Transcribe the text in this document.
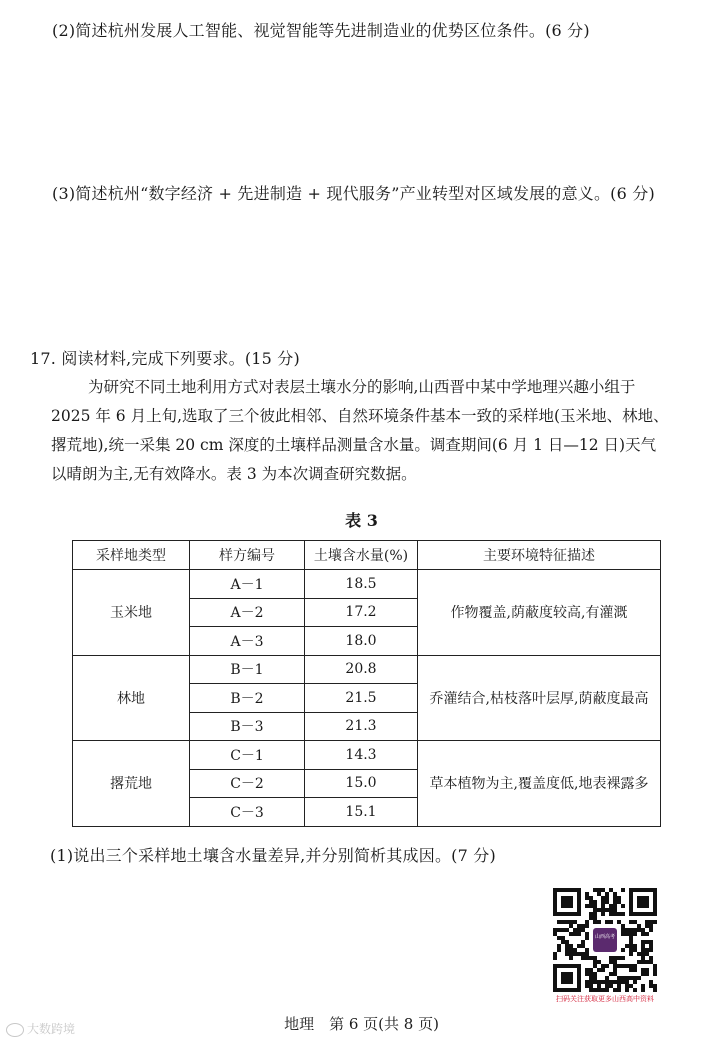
(2)简述杭州发展人工智能、视觉智能等先进制造业的优势区位条件。(6 分)
(3)简述杭州“数字经济 + 先进制造 + 现代服务”产业转型对区域发展的意义。(6 分)
17. 阅读材料,完成下列要求。(15 分)

为研究不同土地利用方式对表层土壤水分的影响,山西晋中某中学地理兴趣小组于

2025 年 6 月上旬,选取了三个彼此相邻、自然环境条件基本一致的采样地(玉米地、林地、

撂荒地),统一采集 20 cm 深度的土壤样品测量含水量。调查期间(6 月 1 日—12 日)天气

以晴朗为主,无有效降水。表 3 为本次调查研究数据。

表 3
采样地类型	样方编号	土壤含水量(%)	主要环境特征描述
玉米地	A－1	18.5	作物覆盖,荫蔽度较高,有灌溉
	A－2	17.2	
	A－3	18.0	
林地	B－1	20.8	乔灌结合,枯枝落叶层厚,荫蔽度最高
	B－2	21.5	
	B－3	21.3	
撂荒地	C－1	14.3	草本植物为主,覆盖度低,地表裸露多
	C－2	15.0	
	C－3	15.1	
(1)说出三个采样地土壤含水量差异,并分别简析其成因。(7 分)
山西高考
扫码关注获取更多山西高中资料
地理　第 6 页(共 8 页)
大数跨境
